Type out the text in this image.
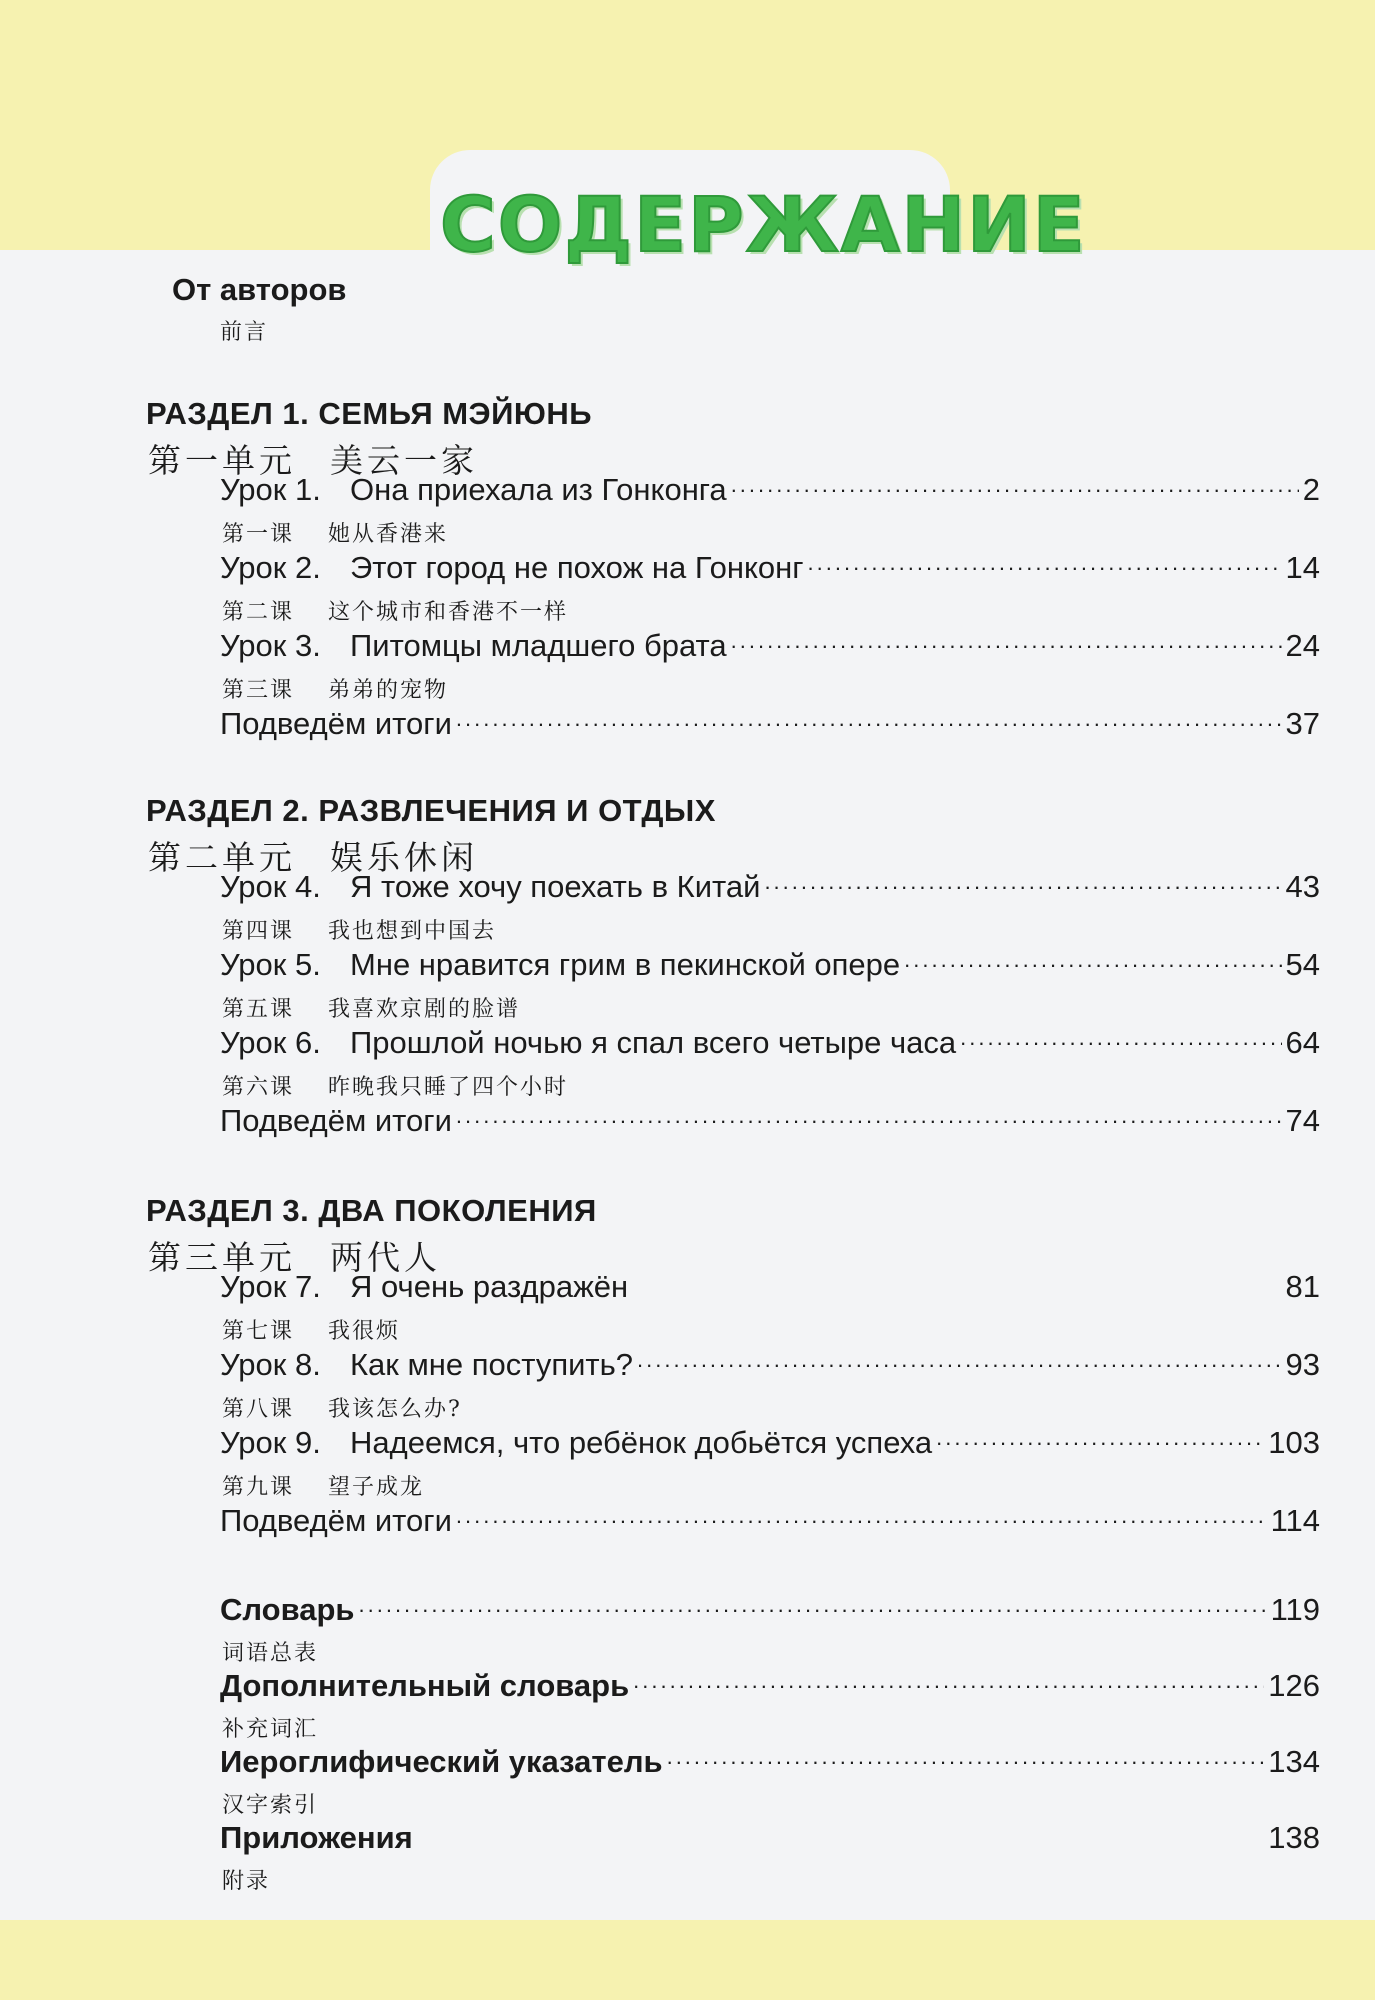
СОДЕРЖАНИЕ
От авторов
前言
РАЗДЕЛ 1. СЕМЬЯ МЭЙЮНЬ
第一单元 美云一家
Урок 1. Она приехала из Гонконга .....	2
第一课 她从香港来
Урок 2. Этот город не похож на Гонконг .....	14
第二课 这个城市和香港不一样
Урок 3. Питомцы младшего брата .....	24
第三课 弟弟的宠物
Подведём итоги .....	37
РАЗДЕЛ 2. РАЗВЛЕЧЕНИЯ И ОТДЫХ
第二单元 娱乐休闲
Урок 4. Я тоже хочу поехать в Китай .....	43
第四课 我也想到中国去
Урок 5. Мне нравится грим в пекинской опере .....	54
第五课 我喜欢京剧的脸谱
Урок 6. Прошлой ночью я спал всего четыре часа .....	64
第六课 昨晚我只睡了四个小时
Подведём итоги .....	74
РАЗДЕЛ 3. ДВА ПОКОЛЕНИЯ
第三单元 两代人
Урок 7. Я очень раздражён	81
第七课 我很烦
Урок 8. Как мне поступить? .....	93
第八课 我该怎么办?
Урок 9. Надеемся, что ребёнок добьётся успеха .....	103
第九课 望子成龙
Подведём итоги .....	114
Словарь .....	119
词语总表
Дополнительный словарь .....	126
补充词汇
Иероглифический указатель .....	134
汉字索引
Приложения	138
附录
